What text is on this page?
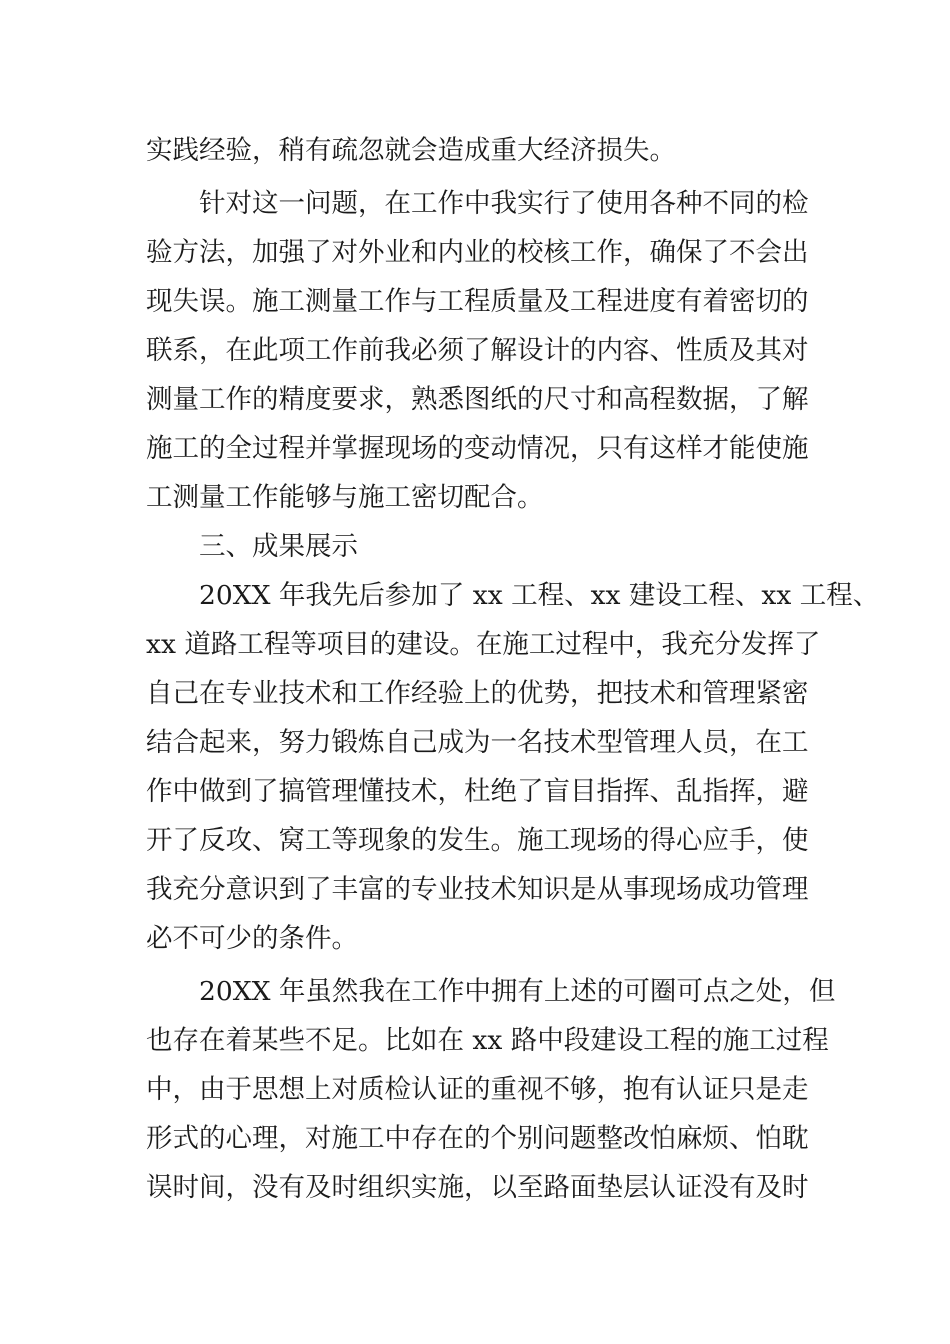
实践经验，稍有疏忽就会造成重大经济损失。
　　针对这一问题，在工作中我实行了使用各种不同的检
验方法，加强了对外业和内业的校核工作，确保了不会出
现失误。施工测量工作与工程质量及工程进度有着密切的
联系，在此项工作前我必须了解设计的内容、性质及其对
测量工作的精度要求，熟悉图纸的尺寸和高程数据，了解
施工的全过程并掌握现场的变动情况，只有这样才能使施
工测量工作能够与施工密切配合。
　　三、成果展示
　　20XX 年我先后参加了 xx 工程、xx 建设工程、xx 工程、
xx 道路工程等项目的建设。在施工过程中，我充分发挥了
自己在专业技术和工作经验上的优势，把技术和管理紧密
结合起来，努力锻炼自己成为一名技术型管理人员，在工
作中做到了搞管理懂技术，杜绝了盲目指挥、乱指挥，避
开了反攻、窝工等现象的发生。施工现场的得心应手，使
我充分意识到了丰富的专业技术知识是从事现场成功管理
必不可少的条件。
　　20XX 年虽然我在工作中拥有上述的可圈可点之处，但
也存在着某些不足。比如在 xx 路中段建设工程的施工过程
中，由于思想上对质检认证的重视不够，抱有认证只是走
形式的心理，对施工中存在的个别问题整改怕麻烦、怕耽
误时间，没有及时组织实施，以至路面垫层认证没有及时
